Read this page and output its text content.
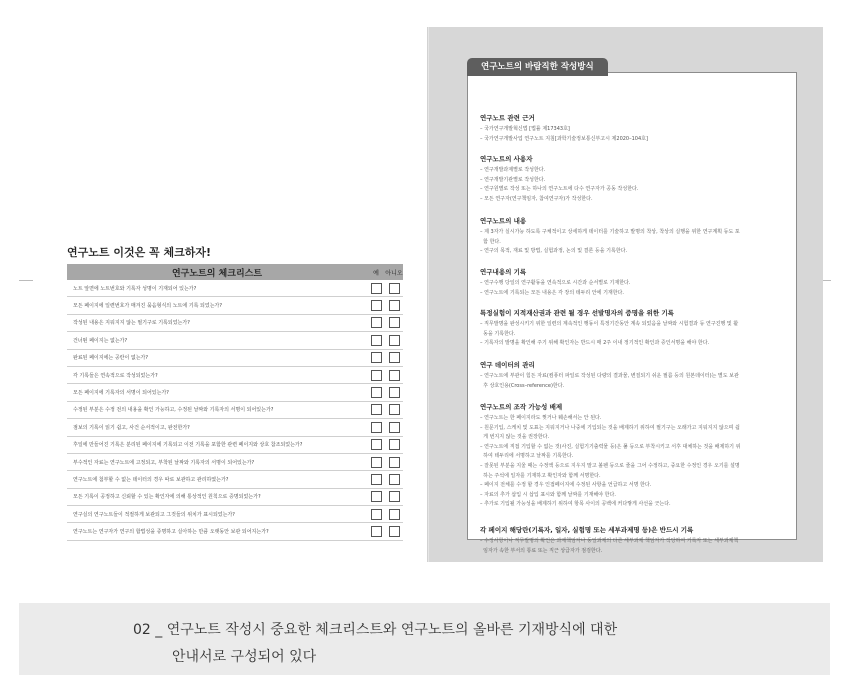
연구노트 이것은 꼭 체크하자!
연구노트의 체크리스트	예	아니오
노트 앞면에 노트번호와 기록자 성명이 기재되어 있는가?
모든 페이지에 일련번호가 매겨진 묶음형식의 노트에 기록 되었는가?
작성된 내용은 지워지지 않는 필기구로 기록되었는가?
건너뛴 페이지는 없는가?
완료된 페이지에는 공란이 없는가?
각 기록들은 연속적으로 작성되었는가?
모든 페이지에 기록자의 서명이 되어있는가?
수정된 부분은 수정 전의 내용을 확인 가능하고, 수정된 날짜와 기록자의 서명이 되어있는가?
점보의 기록이 읽기 쉽고, 사건 순서적이고, 완전한가?
후일에 만들어진 기록은 분리된 페이지에 기록되고 이전 기록을 포함한 관련 페이지와 상호 참조되었는가?
부수적인 자료는 연구노트에 고정되고, 부착된 날짜와 기록자의 서명이 되어있는가?
연구노트에 첨부할 수 없는 데이터의 경우 따로 보관하고 관리하였는가?
모든 기록이 공정하고 신뢰할 수 있는 확인자에 의해 통상적인 원칙으로 증명되었는가?
연구실의 연구노트들이 적절하게 보관되고 그것들의 위치가 표시되었는가?
연구노트는 연구자가 연구의 합법성을 증명하고 실아하는 만큼 오랫동안 보관 되어지는가?
연구노트의 바람직한 작성방식
연구노트 관련 근거
– 국가연구개발혁신법 [법률 제17343호]
– 국가연구개발사업 연구노트 지침[과학기술정보통신부고시 제2020–104호]
연구노트의 사용자
– 연구개발과제별로 작성한다.
– 연구개발기관별로 작성한다.
– 연구원별로 작성 또는 하나의 연구노트에 다수 연구자가 공동 작성한다.
– 모든 연구자(연구책임자, 참여연구자)가 작성한다.
연구노트의 내용
– 제 3자가 실시가능 하도록 구체적이고 상세하게 데이터를 기술하고 발명의 착상, 착상의 실행을 위한 연구계획 등도 포
함 한다.
– 연구의 목적, 재료 및 방법, 실험과정, 논의 및 결론 등을 기록한다.
연구내용의 기록
– 연구수행 당일의 연구활동을 연속적으로 시간과 순서별로 기재한다.
– 연구노트에 기록되는 모든 내용은 각 장의 테두리 안에 기재한다.
특정실험이 지적재산권과 관련 될 경우 선발명자의 증명을 위한 기록
– 직무발명을 완성시키기 위한 일련의 계속적인 행동이 특정기간동안 계속 되었음을 날짜와 시험결과 등 연구진행 및 활
동을 기록한다.
– 기록자의 발명을 확인해 주기 위해 확인자는 반드시 매 2주 이내 정기적인 확인과 증인서명을 해야 한다.
연구 데이터의 관리
– 연구노트에 부관이 힘든 자료(컴퓨터 파일로 작성된 다량의 결과물, 변질되기 쉬운 필름 등의 원본데이터)는 별도 보관
후 상호인용(Cross–reference)한다.
연구노트의 조작 가능성 배제
– 연구노트는 한 페이지라도 찢거나 훼손해서는 안 된다.
– 원문기입, 스케치 및 도표는 지워지거나 나중에 기입되는 것을 배제하기 위하여 필기구는 오래가고 지워지지 않으며 쉽
게 번지지 않는 것을 권장한다.
– 연구노트에 직접 기입할 수 없는 것(사진, 실험기기출력물 등)은 풀 등으로 부착시키고 서후 대체하는 것을 배제하기 위
하여 테두리에 서명하고 날짜를 기록한다.
– 잘못된 부분을 지울 때는 수정액 등으로 지우지 말고 볼펜 등으로 줄을 그어 수정하고, 중요한 수정인 경우 오기를 설명
하는 주석에 일자를 기재하고 확인자와 함께 서명한다.
– 페이지 전체를 수정 할 경우 인접페이지에 수정된 사항을 언급하고 서명 한다.
– 자료의 추가 삽입 시 삽입 표시와 함께 날짜를 기재해야 한다.
– 추가로 기입될 가능성을 배제하기 위하여 항목 사이의 공백에 커다랗게 사선을 긋는다.
각 페이지 해당란(기록자, 일자, 실험명 또는 세부과제명 등)은 반드시 기록
– 수정사항이나 직무발명의 확인은 과제책임자나 동일과제의 다른 세부과제 책임자가 작당하여 기록자 또는 세부과제책
임자가 속한 부서의 통료 또는 직근 상급자가 점검한다.
02 _ 연구노트 작성시 중요한 체크리스트와 연구노트의 올바른 기재방식에 대한
안내서로 구성되어 있다
